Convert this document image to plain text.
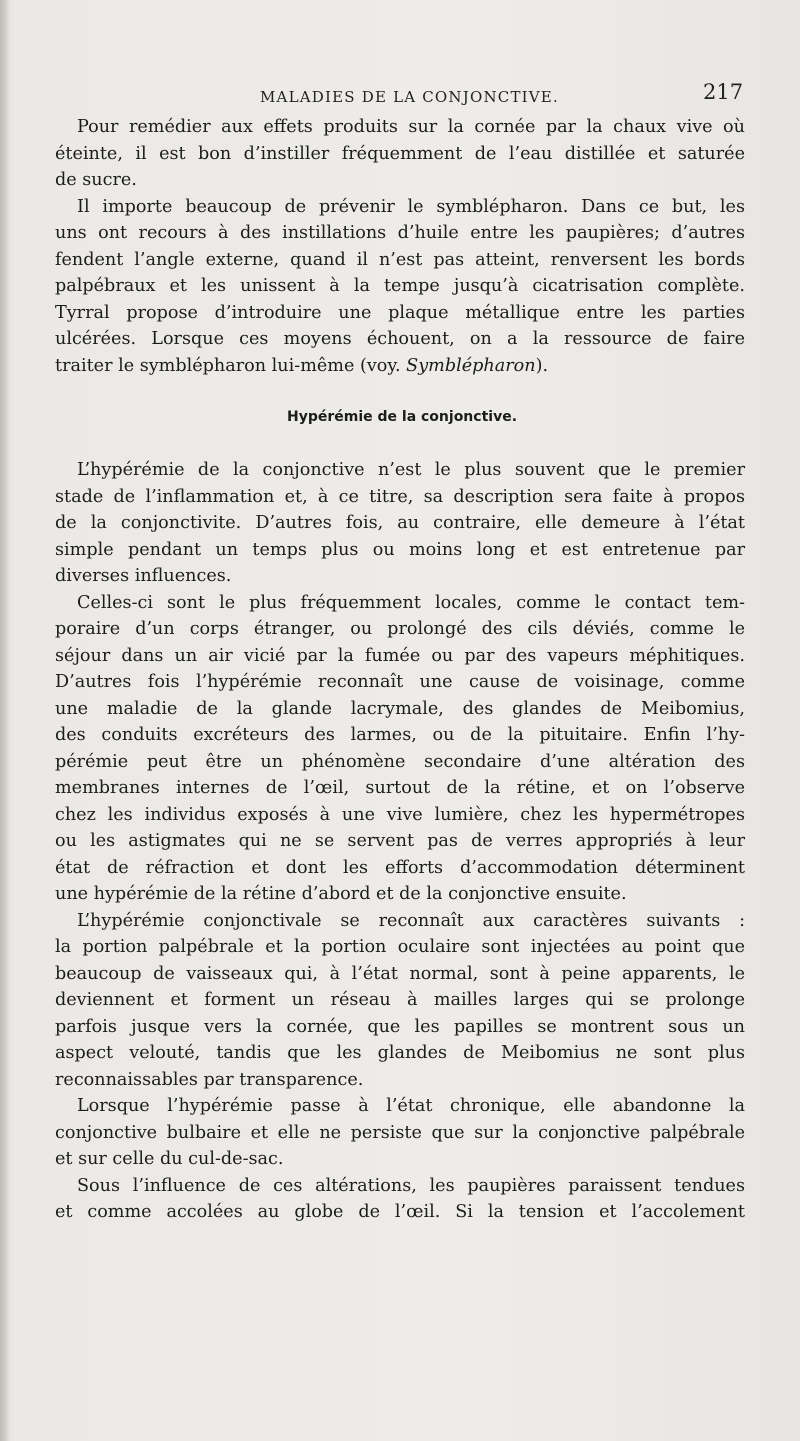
MALADIES DE LA CONJONCTIVE.	217
Pour remédier aux effets produits sur la cornée par la chaux vive où
éteinte, il est bon d’instiller fréquemment de l’eau distillée et saturée
de sucre.
Il importe beaucoup de prévenir le symblépharon. Dans ce but, les
uns ont recours à des instillations d’huile entre les paupières; d’autres
fendent l’angle externe, quand il n’est pas atteint, renversent les bords
palpébraux et les unissent à la tempe jusqu’à cicatrisation complète.
Tyrral propose d’introduire une plaque métallique entre les parties
ulcérées. Lorsque ces moyens échouent, on a la ressource de faire
traiter le symblépharon lui-même (voy. Symblépharon).
Hypérémie de la conjonctive.
L’hypérémie de la conjonctive n’est le plus souvent que le premier
stade de l’inflammation et, à ce titre, sa description sera faite à propos
de la conjonctivite. D’autres fois, au contraire, elle demeure à l’état
simple pendant un temps plus ou moins long et est entretenue par
diverses influences.
Celles-ci sont le plus fréquemment locales, comme le contact tem-
poraire d’un corps étranger, ou prolongé des cils déviés, comme le
séjour dans un air vicié par la fumée ou par des vapeurs méphitiques.
D’autres fois l’hypérémie reconnaît une cause de voisinage, comme
une maladie de la glande lacrymale, des glandes de Meibomius,
des conduits excréteurs des larmes, ou de la pituitaire. Enfin l’hy-
pérémie peut être un phénomène secondaire d’une altération des
membranes internes de l’œil, surtout de la rétine, et on l’observe
chez les individus exposés à une vive lumière, chez les hypermétropes
ou les astigmates qui ne se servent pas de verres appropriés à leur
état de réfraction et dont les efforts d’accommodation déterminent
une hypérémie de la rétine d’abord et de la conjonctive ensuite.
L’hypérémie conjonctivale se reconnaît aux caractères suivants :
la portion palpébrale et la portion oculaire sont injectées au point que
beaucoup de vaisseaux qui, à l’état normal, sont à peine apparents, le
deviennent et forment un réseau à mailles larges qui se prolonge
parfois jusque vers la cornée, que les papilles se montrent sous un
aspect velouté, tandis que les glandes de Meibomius ne sont plus
reconnaissables par transparence.
Lorsque l’hypérémie passe à l’état chronique, elle abandonne la
conjonctive bulbaire et elle ne persiste que sur la conjonctive palpébrale
et sur celle du cul-de-sac.
Sous l’influence de ces altérations, les paupières paraissent tendues
et comme accolées au globe de l’œil. Si la tension et l’accolement
